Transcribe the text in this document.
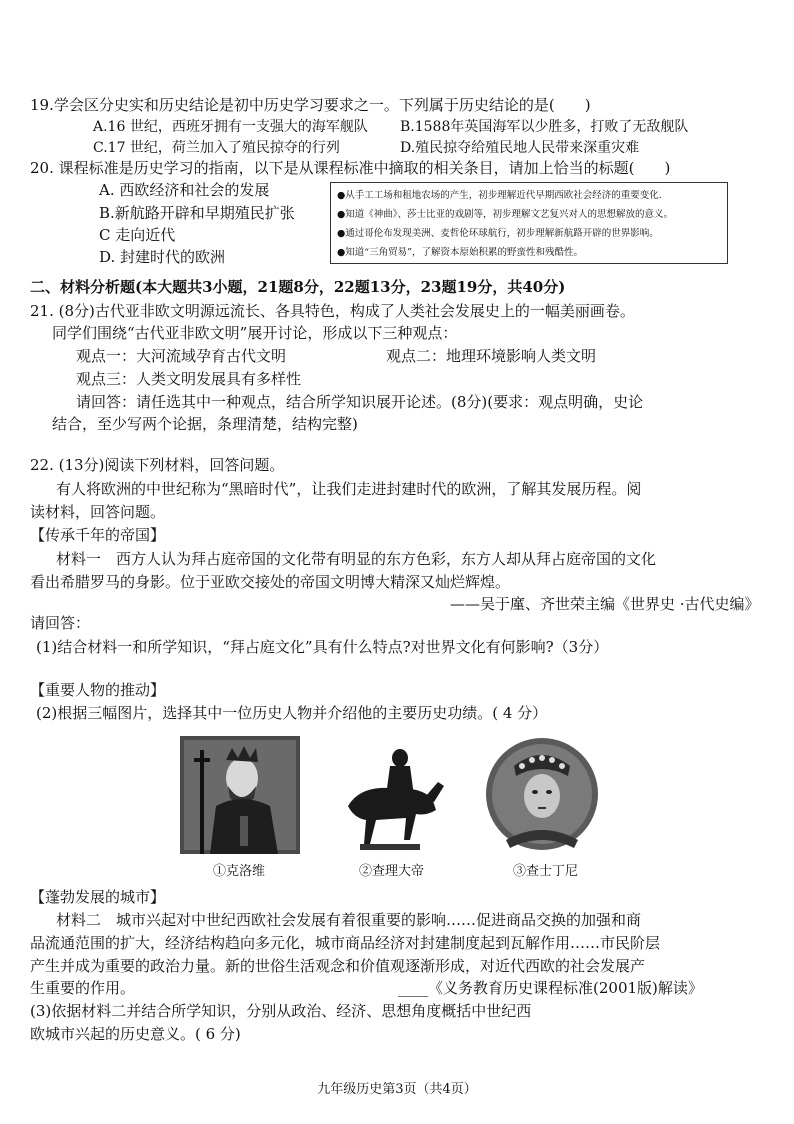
19.学会区分史实和历史结论是初中历史学习要求之一。下列属于历史结论的是(　　)
A.16 世纪，西班牙拥有一支强大的海军舰队 B.1588年英国海军以少胜多，打败了无敌舰队
C.17 世纪，荷兰加入了殖民掠夺的行列	D.殖民掠夺给殖民地人民带来深重灾难
20. 课程标准是历史学习的指南，以下是从课程标准中摘取的相关条目，请加上恰当的标题(　　)
A. 西欧经济和社会的发展
B.新航路开辟和早期殖民扩张
C 走向近代
D. 封建时代的欧洲
●从手工工场和租地农场的产生，初步理解近代早期西欧社会经济的重要变化.
●知道《神曲》、莎士比亚的戏剧等，初步理解文艺复兴对人的思想解放的意义。
●通过哥伦布发现美洲、麦哲伦环球航行，初步理解新航路开辟的世界影响。
●知道“三角贸易”，了解资本原始积累的野蛮性和残酷性。
二、材料分析题(本大题共3小题，21题8分，22题13分，23题19分，共40分)
21. (8分)古代亚非欧文明源远流长、各具特色，构成了人类社会发展史上的一幅美丽画卷。
同学们围绕“古代亚非欧文明”展开讨论，形成以下三种观点：
观点一：大河流域孕育古代文明	观点二：地理环境影响人类文明
观点三：人类文明发展具有多样性
请回答：请任选其中一种观点，结合所学知识展开论述。(8分)(要求：观点明确，史论
结合，至少写两个论据，条理清楚，结构完整)
22. (13分)阅读下列材料，回答问题。
有人将欧洲的中世纪称为“黑暗时代”，让我们走进封建时代的欧洲，了解其发展历程。阅
读材料，回答问题。
【传承千年的帝国】
材料一　西方人认为拜占庭帝国的文化带有明显的东方色彩，东方人却从拜占庭帝国的文化
看出希腊罗马的身影。位于亚欧交接处的帝国文明博大精深又灿烂辉煌。
——吴于廑、齐世荣主编《世界史 ·古代史编》
请回答：
(1)结合材料一和所学知识，“拜占庭文化”具有什么特点?对世界文化有何影响?（3分）
【重要人物的推动】
(2)根据三幅图片，选择其中一位历史人物并介绍他的主要历史功绩。( 4 分）
①克洛维	②查理大帝	③查士丁尼
【蓬勃发展的城市】
材料二　城市兴起对中世纪西欧社会发展有着很重要的影响……促进商品交换的加强和商
品流通范围的扩大，经济结构趋向多元化，城市商品经济对封建制度起到瓦解作用……市民阶层
产生并成为重要的政治力量。新的世俗生活观念和价值观逐渐形成，对近代西欧的社会发展产
生重要的作用。	____《义务教育历史课程标准(2001版)解读》
(3)依据材料二并结合所学知识，分别从政治、经济、思想角度概括中世纪西
欧城市兴起的历史意义。( 6 分)
九年级历史第3页（共4页）
